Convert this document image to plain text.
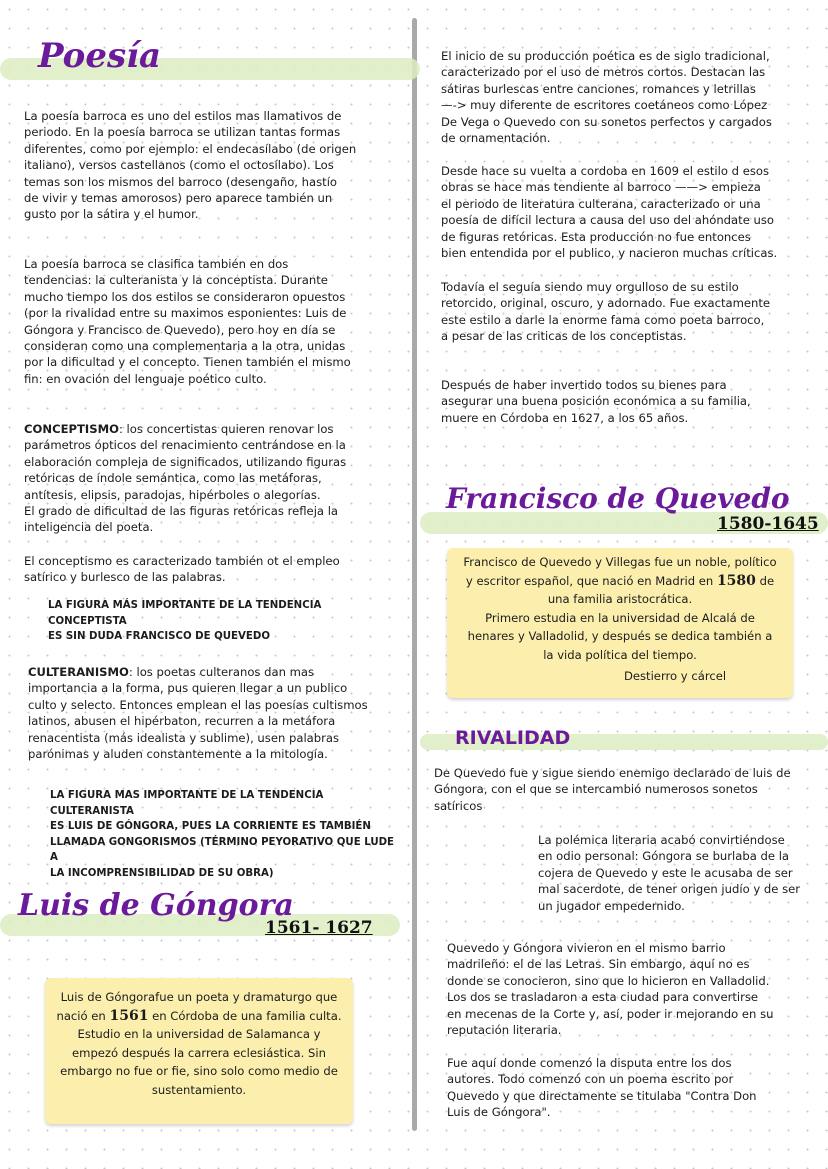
Poesía

La poesía barroca es uno del estilos mas llamativos de
periodo. En la poesía barroca se utilizan tantas formas
diferentes, como por ejemplo: el endecasílabo (de origen
italiano), versos castellanos (como el octosílabo). Los
temas son los mismos del barroco (desengaño, hastío
de vivir y temas amorosos) pero aparece también un
gusto por la sátira y el humor.

La poesía barroca se clasifica también en dos
tendencias: la culteranista y la conceptista. Durante
mucho tiempo los dos estilos se consideraron opuestos
(por la rivalidad entre su maximos esponientes: Luis de
Góngora y Francisco de Quevedo), pero hoy en día se
consideran como una complementaria a la otra, unidas
por la dificultad y el concepto. Tienen también el mismo
fin: en ovación del lenguaje poético culto.

CONCEPTISMO: los concertistas quieren renovar los
parámetros ópticos del renacimiento centrándose en la
elaboración compleja de significados, utilizando figuras
retóricas de índole semántica, como las metáforas,
antítesis, elipsis, paradojas, hipérboles o alegorías.
El grado de dificultad de las figuras retóricas refleja la
inteligencia del poeta.

El conceptismo es caracterizado también ot el empleo
satírico y burlesco de las palabras.

LA FIGURA MÁS IMPORTANTE DE LA TENDENCIA CONCEPTISTA
ES SIN DUDA FRANCISCO DE QUEVEDO

CULTERANISMO: los poetas culteranos dan mas
importancia a la forma, pus quieren llegar a un publico
culto y selecto. Entonces emplean el las poesías cultismos
latinos, abusen el hipérbaton, recurren a la metáfora
renacentista (más idealista y sublime), usen palabras
parónimas y aluden constantemente a la mitología.

LA FIGURA MAS IMPORTANTE DE LA TENDENCIA CULTERANISTA
ES LUIS DE GÓNGORA, PUES LA CORRIENTE ES TAMBIÉN
LLAMADA GONGORISMOS (TÉRMINO PEYORATIVO QUE LUDE A
LA INCOMPRENSIBILIDAD DE SU OBRA)

Luis de Góngora
1561- 1627

Luis de Góngorafue un poeta y dramaturgo que
nació en 1561 en Córdoba de una familia culta.
Estudio en la universidad de Salamanca y
empezó después la carrera eclesiástica. Sin
embargo no fue or fie, sino solo como medio de
sustentamiento.

El inicio de su producción poética es de siglo tradicional,
caracterizado por el uso de metros cortos. Destacan las
sátiras burlescas entre canciones, romances y letrillas
—-> muy diferente de escritores coetáneos como López
De Vega o Quevedo con su sonetos perfectos y cargados
de ornamentación.

Desde hace su vuelta a cordoba en 1609 el estilo d esos
obras se hace mas tendiente al barroco ——> empieza
el periodo de literatura culterana, caracterizado or una
poesía de difícil lectura a causa del uso del ahóndate uso
de figuras retóricas. Esta producción no fue entonces
bien entendida por el publico, y nacieron muchas críticas.

Todavía el seguía siendo muy orgulloso de su estilo
retorcido, original, oscuro, y adornado. Fue exactamente
este estilo a darle la enorme fama como poeta barroco,
a pesar de las criticas de los conceptistas.

Después de haber invertido todos su bienes para
asegurar una buena posición económica a su familia,
muere en Córdoba en 1627, a los 65 años.

Francisco de Quevedo
1580-1645

Francisco de Quevedo y Villegas fue un noble, político
y escritor español, que nació en Madrid en 1580 de
una familia aristocrática.
Primero estudia en la universidad de Alcalá de
henares y Valladolid, y después se dedica también a
la vida política del tiempo.

Destierro y cárcel

RIVALIDAD

De Quevedo fue y sigue siendo enemigo declarado de luis de
Góngora, con el que se intercambió numerosos sonetos
satíricos

La polémica literaria acabó convirtiéndose
en odio personal: Góngora se burlaba de la
cojera de Quevedo y este le acusaba de ser
mal sacerdote, de tener origen judío y de ser
un jugador empedernido.

Quevedo y Góngora vivieron en el mismo barrio
madrileño: el de las Letras. Sin embargo, aquí no es
donde se conocieron, sino que lo hicieron en Valladolid.
Los dos se trasladaron a esta ciudad para convertirse
en mecenas de la Corte y, así, poder ir mejorando en su
reputación literaria.

Fue aquí donde comenzó la disputa entre los dos
autores. Todo comenzó con un poema escrito por
Quevedo y que directamente se titulaba "Contra Don
Luis de Góngora".
